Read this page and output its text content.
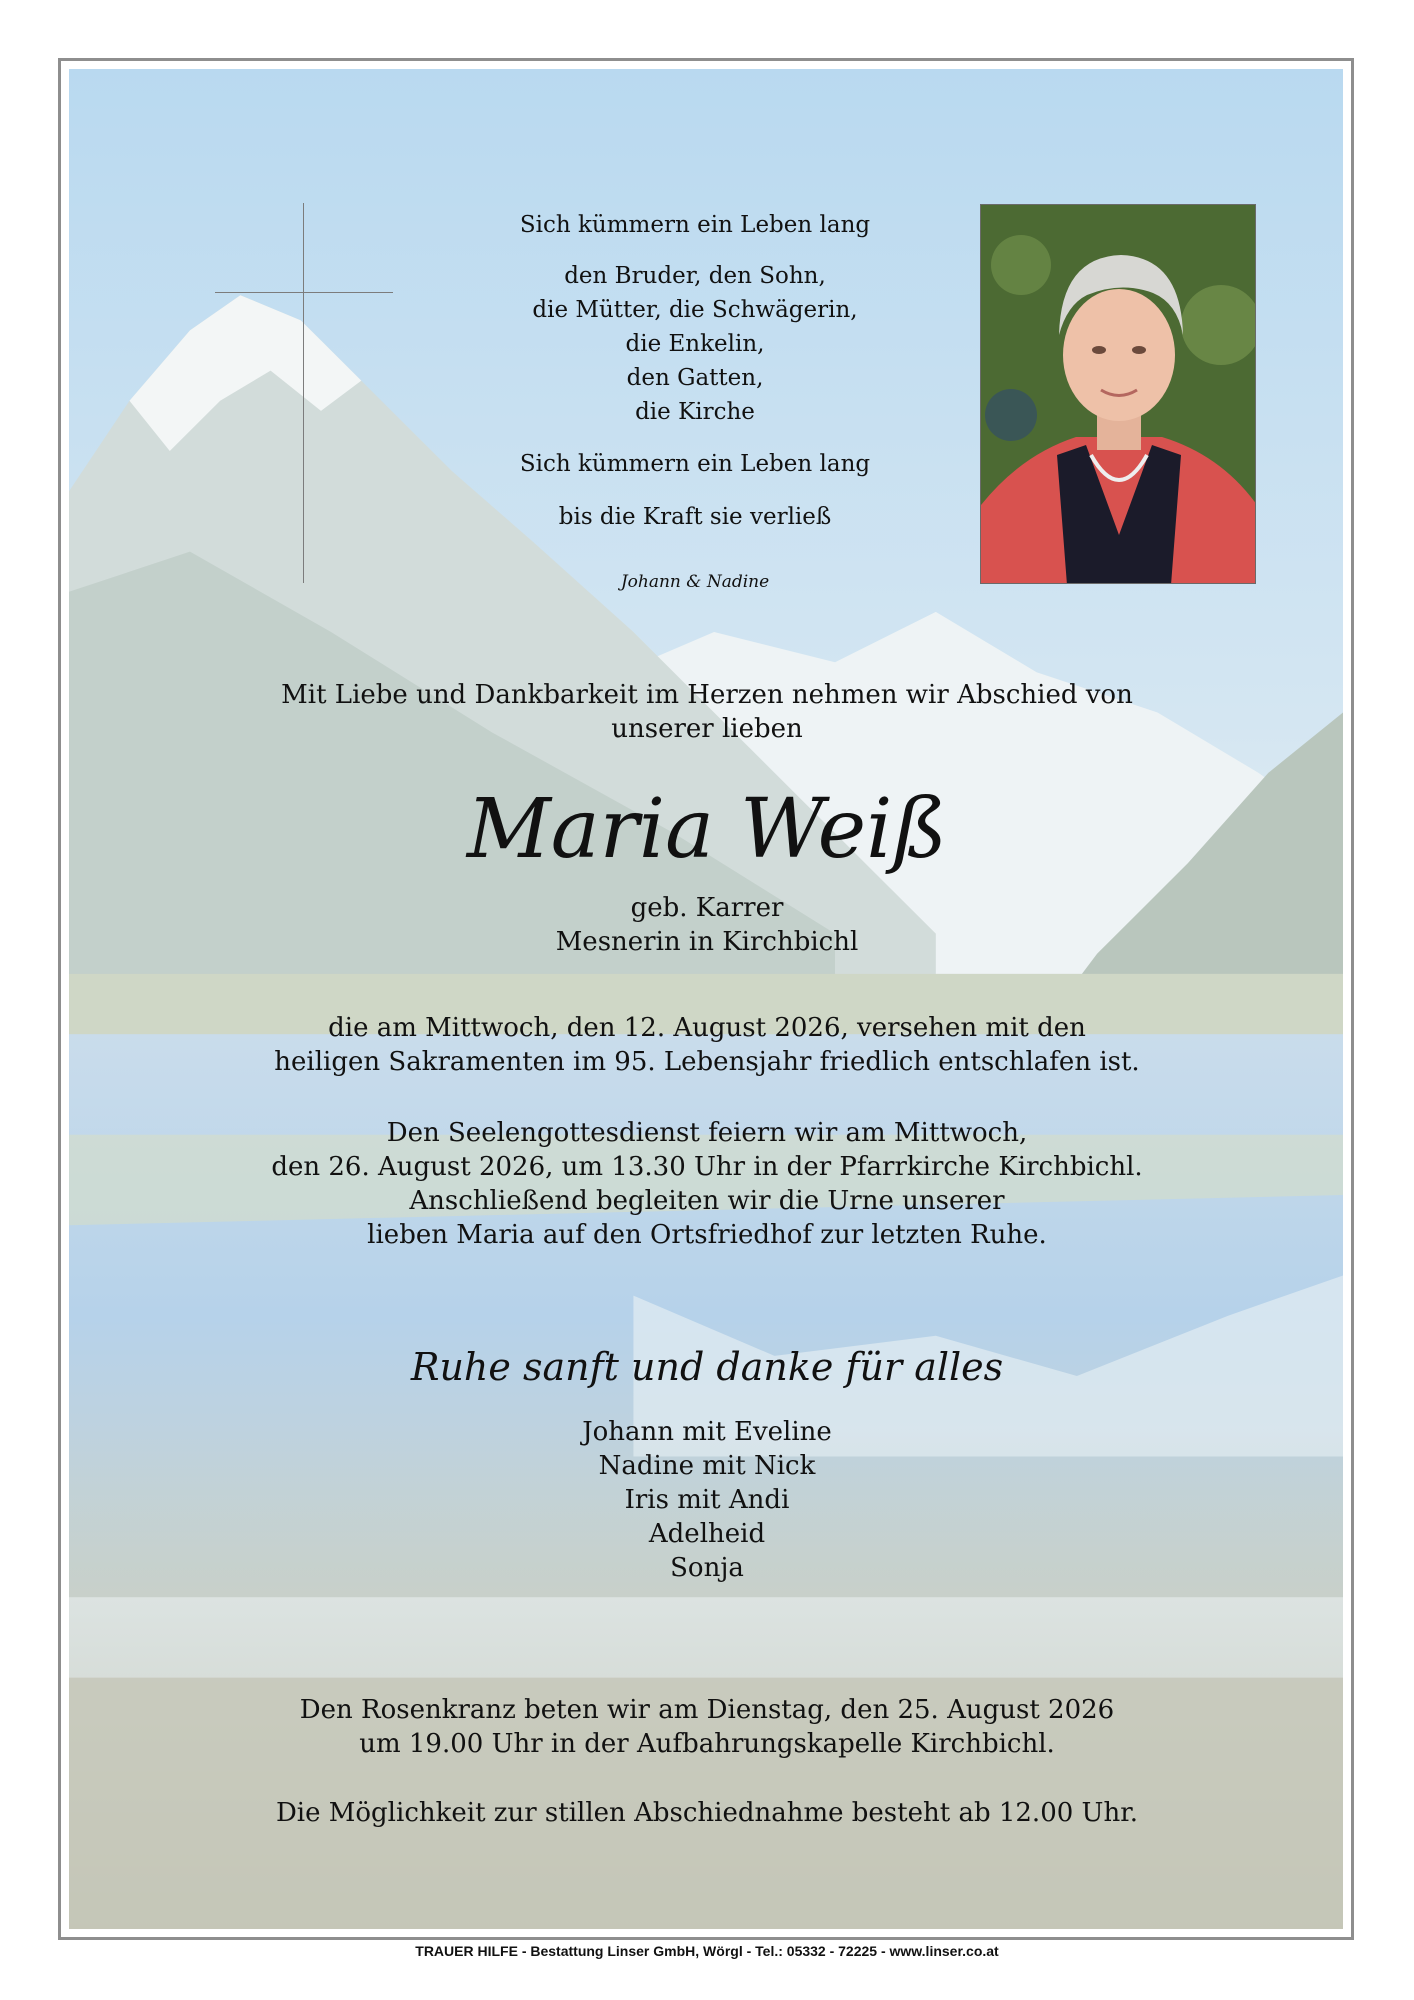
Sich kümmern ein Leben lang
den Bruder, den Sohn,
die Mütter, die Schwägerin,
die Enkelin,
den Gatten,
die Kirche
Sich kümmern ein Leben lang
bis die Kraft sie verließ
Johann & Nadine
Mit Liebe und Dankbarkeit im Herzen nehmen wir Abschied von
unserer lieben
Maria Weiß
geb. Karrer
Mesnerin in Kirchbichl
die am Mittwoch, den 12. August 2026, versehen mit den
heiligen Sakramenten im 95. Lebensjahr friedlich entschlafen ist.
Den Seelengottesdienst feiern wir am Mittwoch,
den 26. August 2026, um 13.30 Uhr in der Pfarrkirche Kirchbichl.
Anschließend begleiten wir die Urne unserer
lieben Maria auf den Ortsfriedhof zur letzten Ruhe.
Ruhe sanft und danke für alles
Johann mit Eveline
Nadine mit Nick
Iris mit Andi
Adelheid
Sonja
Den Rosenkranz beten wir am Dienstag, den 25. August 2026
um 19.00 Uhr in der Aufbahrungskapelle Kirchbichl.
Die Möglichkeit zur stillen Abschiednahme besteht ab 12.00 Uhr.
TRAUER HILFE - Bestattung Linser GmbH, Wörgl - Tel.: 05332 - 72225 - www.linser.co.at
